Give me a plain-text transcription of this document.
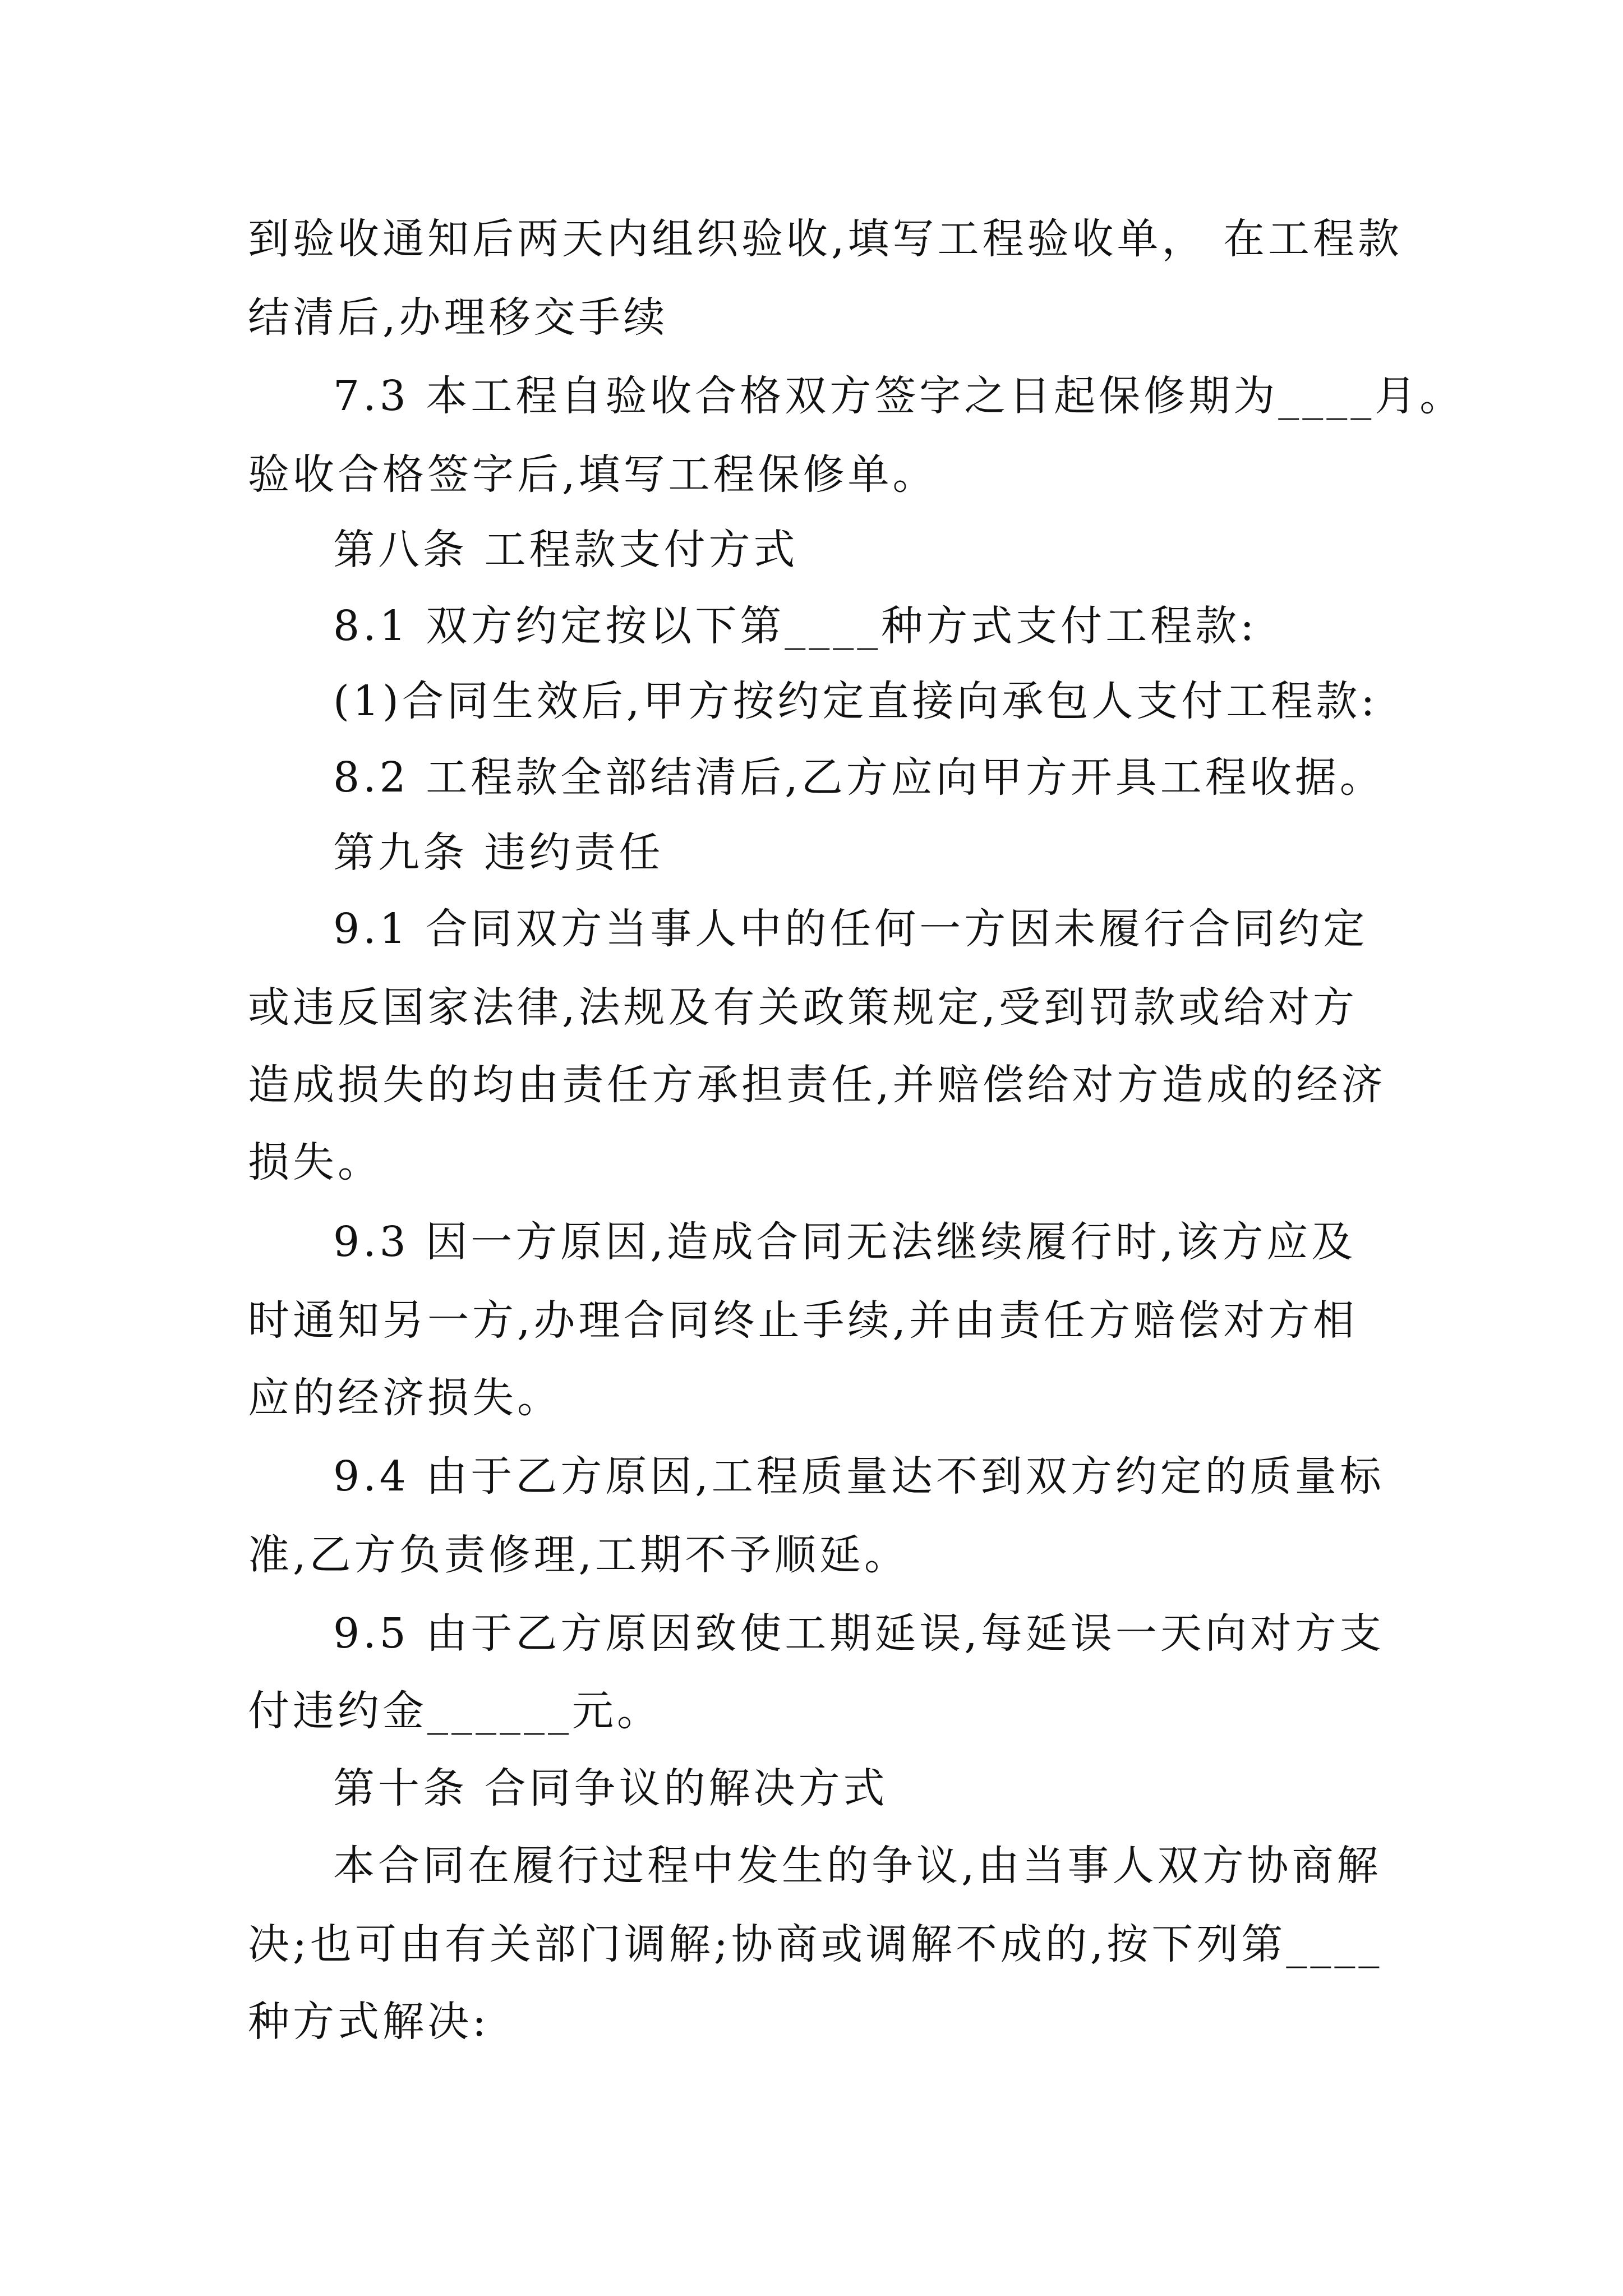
到验收通知后两天内组织验收,填写工程验收单， 在工程款

结清后,办理移交手续

7.3 本工程自验收合格双方签字之日起保修期为____月。

验收合格签字后,填写工程保修单。

第八条 工程款支付方式

8.1 双方约定按以下第____种方式支付工程款:

(1)合同生效后,甲方按约定直接向承包人支付工程款:

8.2 工程款全部结清后,乙方应向甲方开具工程收据。

第九条 违约责任

9.1 合同双方当事人中的任何一方因未履行合同约定

或违反国家法律,法规及有关政策规定,受到罚款或给对方

造成损失的均由责任方承担责任,并赔偿给对方造成的经济

损失。

9.3 因一方原因,造成合同无法继续履行时,该方应及

时通知另一方,办理合同终止手续,并由责任方赔偿对方相

应的经济损失。

9.4 由于乙方原因,工程质量达不到双方约定的质量标

准,乙方负责修理,工期不予顺延。

9.5 由于乙方原因致使工期延误,每延误一天向对方支

付违约金______元。

第十条 合同争议的解决方式

本合同在履行过程中发生的争议,由当事人双方协商解

决;也可由有关部门调解;协商或调解不成的,按下列第____

种方式解决:
